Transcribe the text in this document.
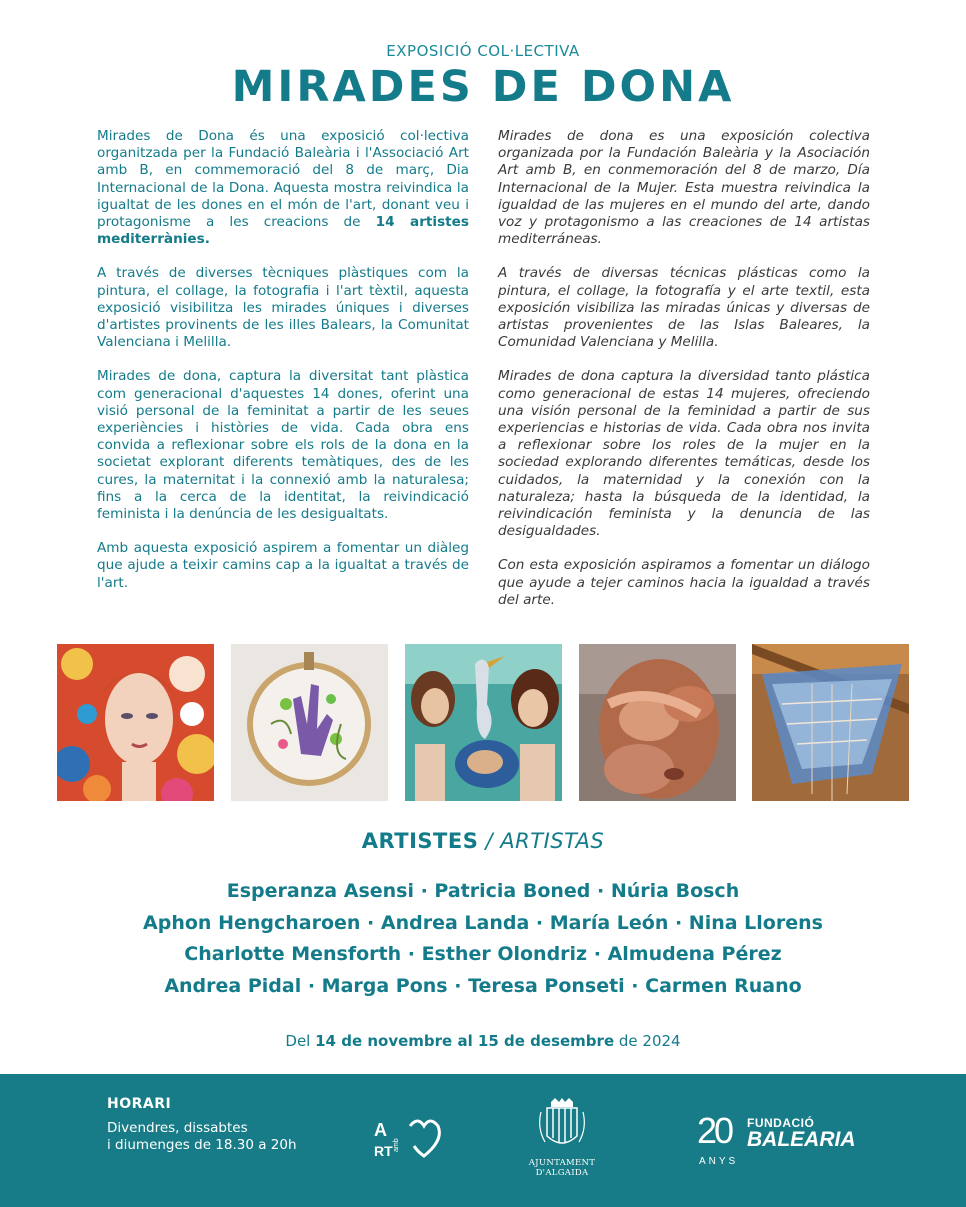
EXPOSICIÓ COL·LECTIVA
MIRADES DE DONA

Mirades de Dona és una exposició col·lectiva organitzada per la Fundació Baleària i l'Associació Art amb B, en commemoració del 8 de març, Dia Internacional de la Dona. Aquesta mostra reivindica la igualtat de les dones en el món de l'art, donant veu i protagonisme a les creacions de 14 artistes mediterrànies.

A través de diverses tècniques plàstiques com la pintura, el collage, la fotografia i l'art tèxtil, aquesta exposició visibilitza les mirades úniques i diverses d'artistes provinents de les illes Balears, la Comunitat Valenciana i Melilla.

Mirades de dona, captura la diversitat tant plàstica com generacional d'aquestes 14 dones, oferint una visió personal de la feminitat a partir de les seues experiències i històries de vida. Cada obra ens convida a reflexionar sobre els rols de la dona en la societat explorant diferents temàtiques, des de les cures, la maternitat i la connexió amb la naturalesa; fins a la cerca de la identitat, la reivindicació feminista i la denúncia de les desigualtats.

Amb aquesta exposició aspirem a fomentar un diàleg que ajude a teixir camins cap a la igualtat a través de l'art.

Mirades de dona es una exposición colectiva organizada por la Fundación Baleària y la Asociación Art amb B, en conmemoración del 8 de marzo, Día Internacional de la Mujer. Esta muestra reivindica la igualdad de las mujeres en el mundo del arte, dando voz y protagonismo a las creaciones de 14 artistas mediterráneas.

A través de diversas técnicas plásticas como la pintura, el collage, la fotografía y el arte textil, esta exposición visibiliza las miradas únicas y diversas de artistas provenientes de las Islas Baleares, la Comunidad Valenciana y Melilla.

Mirades de dona captura la diversidad tanto plástica como generacional de estas 14 mujeres, ofreciendo una visión personal de la feminidad a partir de sus experiencias e historias de vida. Cada obra nos invita a reflexionar sobre los roles de la mujer en la sociedad explorando diferentes temáticas, desde los cuidados, la maternidad y la conexión con la naturaleza; hasta la búsqueda de la identidad, la reivindicación feminista y la denuncia de las desigualdades.

Con esta exposición aspiramos a fomentar un diálogo que ayude a tejer caminos hacia la igualdad a través del arte.

ARTISTES / ARTISTAS
Esperanza Asensi · Patricia Boned · Núria Bosch
Aphon Hengcharoen · Andrea Landa · María León · Nina Llorens
Charlotte Mensforth · Esther Olondriz · Almudena Pérez
Andrea Pidal · Marga Pons · Teresa Ponseti · Carmen Ruano
Del 14 de novembre al 15 de desembre de 2024
HORARI
Divendres, dissabtes
i diumenges de 18.30 a 20h
A
RT amb
AJUNTAMENT D'ALGAIDA
20 FUNDACIÓ
BALEARIA
ANYS
